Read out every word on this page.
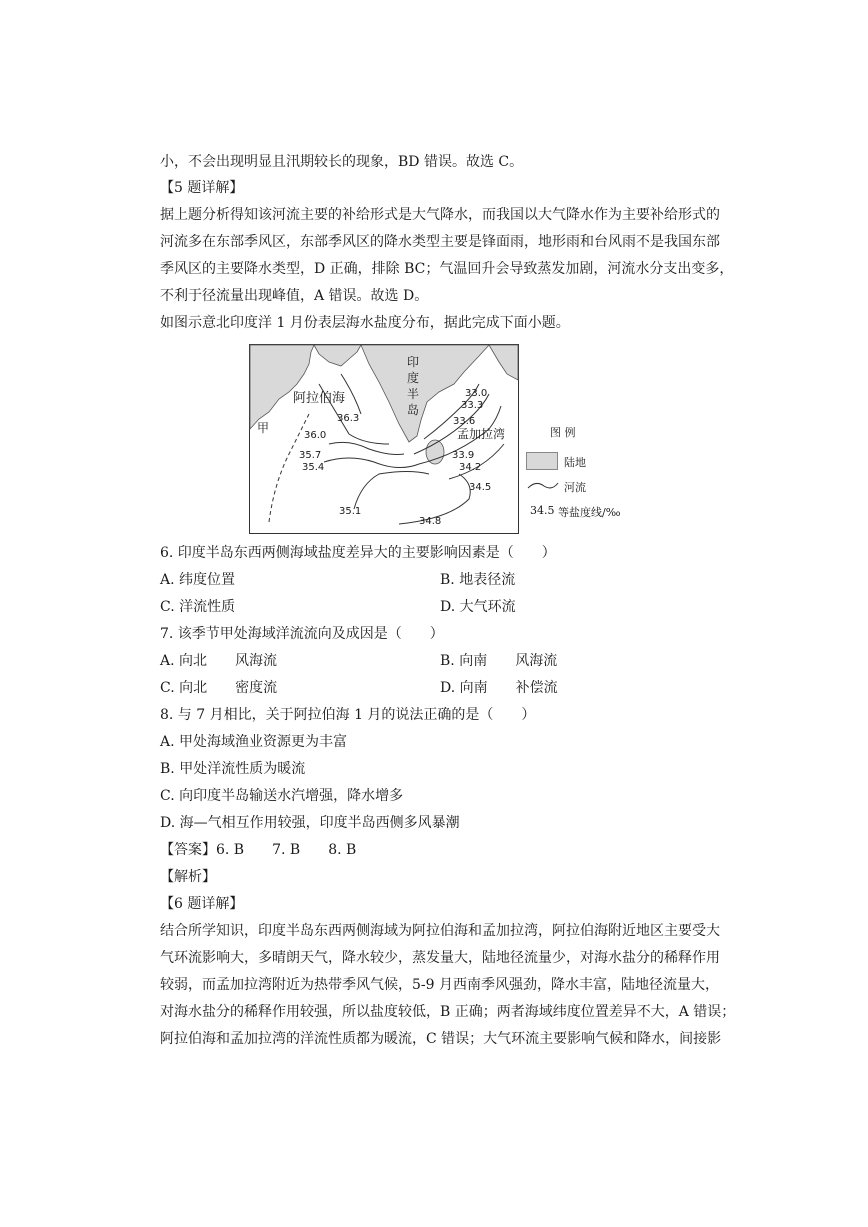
小，不会出现明显且汛期较长的现象，BD 错误。故选 C。
【5 题详解】
据上题分析得知该河流主要的补给形式是大气降水，而我国以大气降水作为主要补给形式的
河流多在东部季风区，东部季风区的降水类型主要是锋面雨，地形雨和台风雨不是我国东部
季风区的主要降水类型，D 正确，排除 BC；气温回升会导致蒸发加剧，河流水分支出变多，
不利于径流量出现峰值，A 错误。故选 D。
如图示意北印度洋 1 月份表层海水盐度分布，据此完成下面小题。
印
度
半
岛
阿拉伯海
孟加拉湾
甲
36.3
36.0
35.7
35.4
35.1
34.8
33.0
33.3
33.6
33.9
34.2
34.5
图 例
陆地
河流
34.5 等盐度线/‰
6. 印度半岛东西两侧海域盐度差异大的主要影响因素是（　　）
A. 纬度位置	B. 地表径流
C. 洋流性质	D. 大气环流
7. 该季节甲处海域洋流流向及成因是（　　）
A. 向北　　风海流	B. 向南　　风海流
C. 向北　　密度流	D. 向南　　补偿流
8. 与 7 月相比，关于阿拉伯海 1 月的说法正确的是（　　）
A. 甲处海域渔业资源更为丰富
B. 甲处洋流性质为暖流
C. 向印度半岛输送水汽增强，降水增多
D. 海—气相互作用较强，印度半岛西侧多风暴潮
【答案】6. B　　7. B　　8. B
【解析】
【6 题详解】
结合所学知识，印度半岛东西两侧海域为阿拉伯海和孟加拉湾，阿拉伯海附近地区主要受大
气环流影响大，多晴朗天气，降水较少，蒸发量大，陆地径流量少，对海水盐分的稀释作用
较弱，而孟加拉湾附近为热带季风气候，5-9 月西南季风强劲，降水丰富，陆地径流量大，
对海水盐分的稀释作用较强，所以盐度较低，B 正确；两者海域纬度位置差异不大，A 错误；
阿拉伯海和孟加拉湾的洋流性质都为暖流，C 错误；大气环流主要影响气候和降水，间接影
